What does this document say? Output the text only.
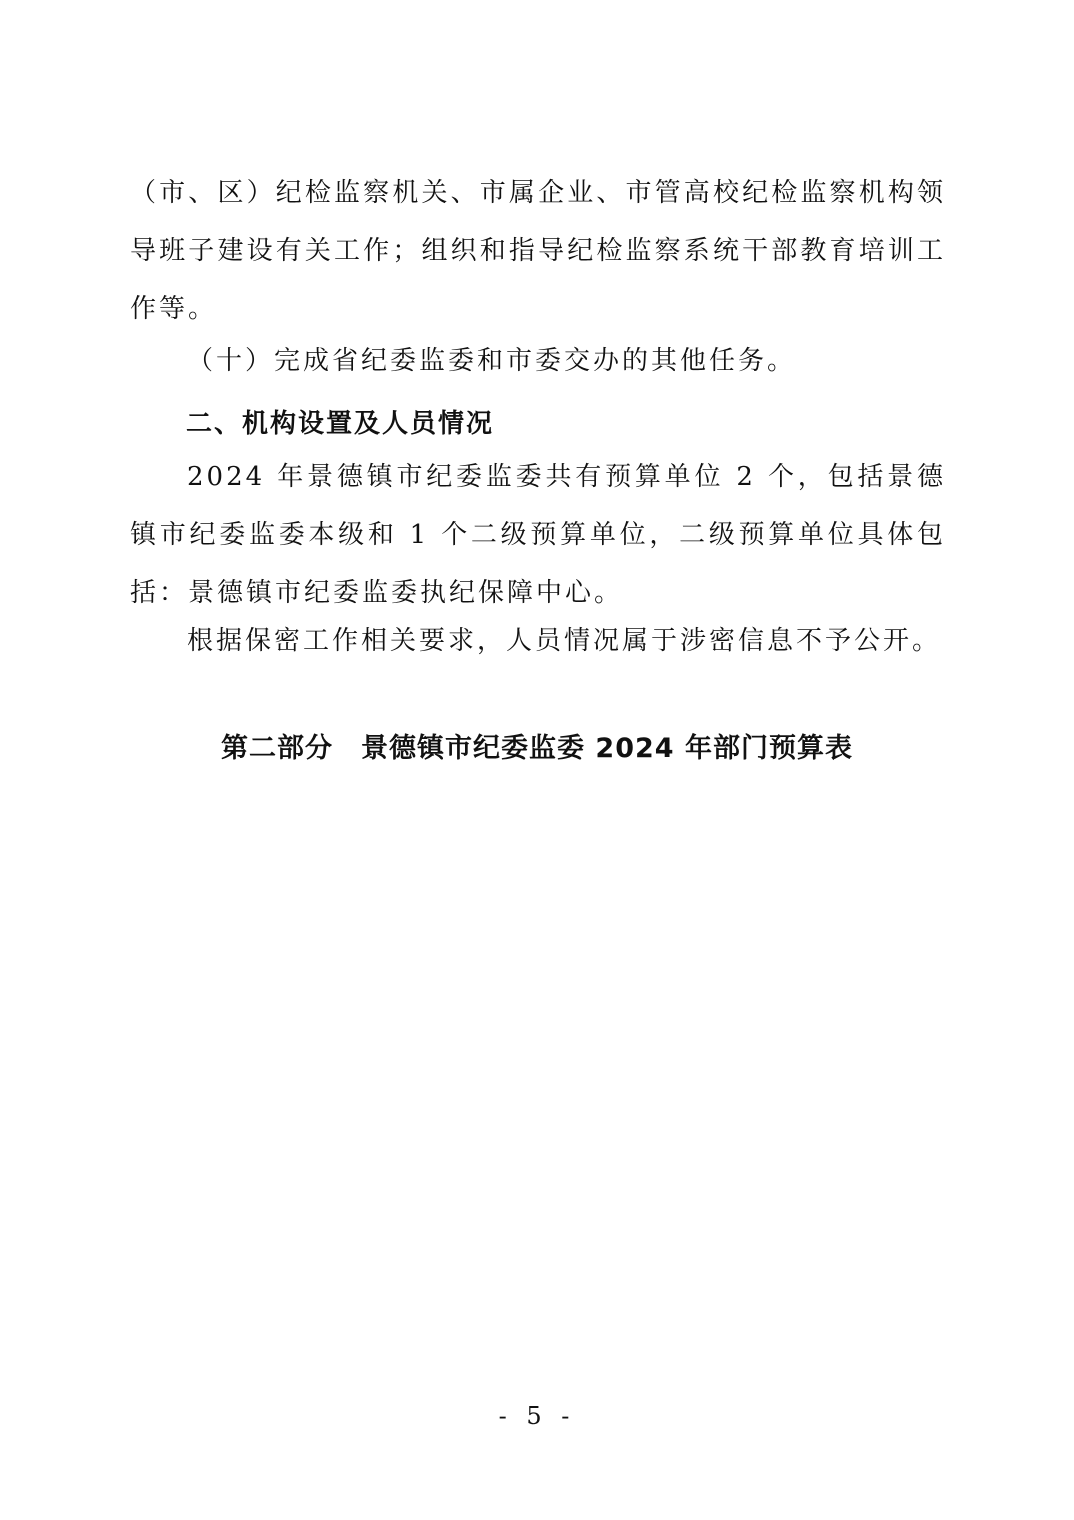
（市、区）纪检监察机关、市属企业、市管高校纪检监察机构领导班子建设有关工作；组织和指导纪检监察系统干部教育培训工作等。

（十）完成省纪委监委和市委交办的其他任务。

二、机构设置及人员情况

2024 年景德镇市纪委监委共有预算单位 2 个，包括景德镇市纪委监委本级和 1 个二级预算单位，二级预算单位具体包括：景德镇市纪委监委执纪保障中心。

根据保密工作相关要求，人员情况属于涉密信息不予公开。

第二部分　景德镇市纪委监委 2024 年部门预算表
- 5 -
